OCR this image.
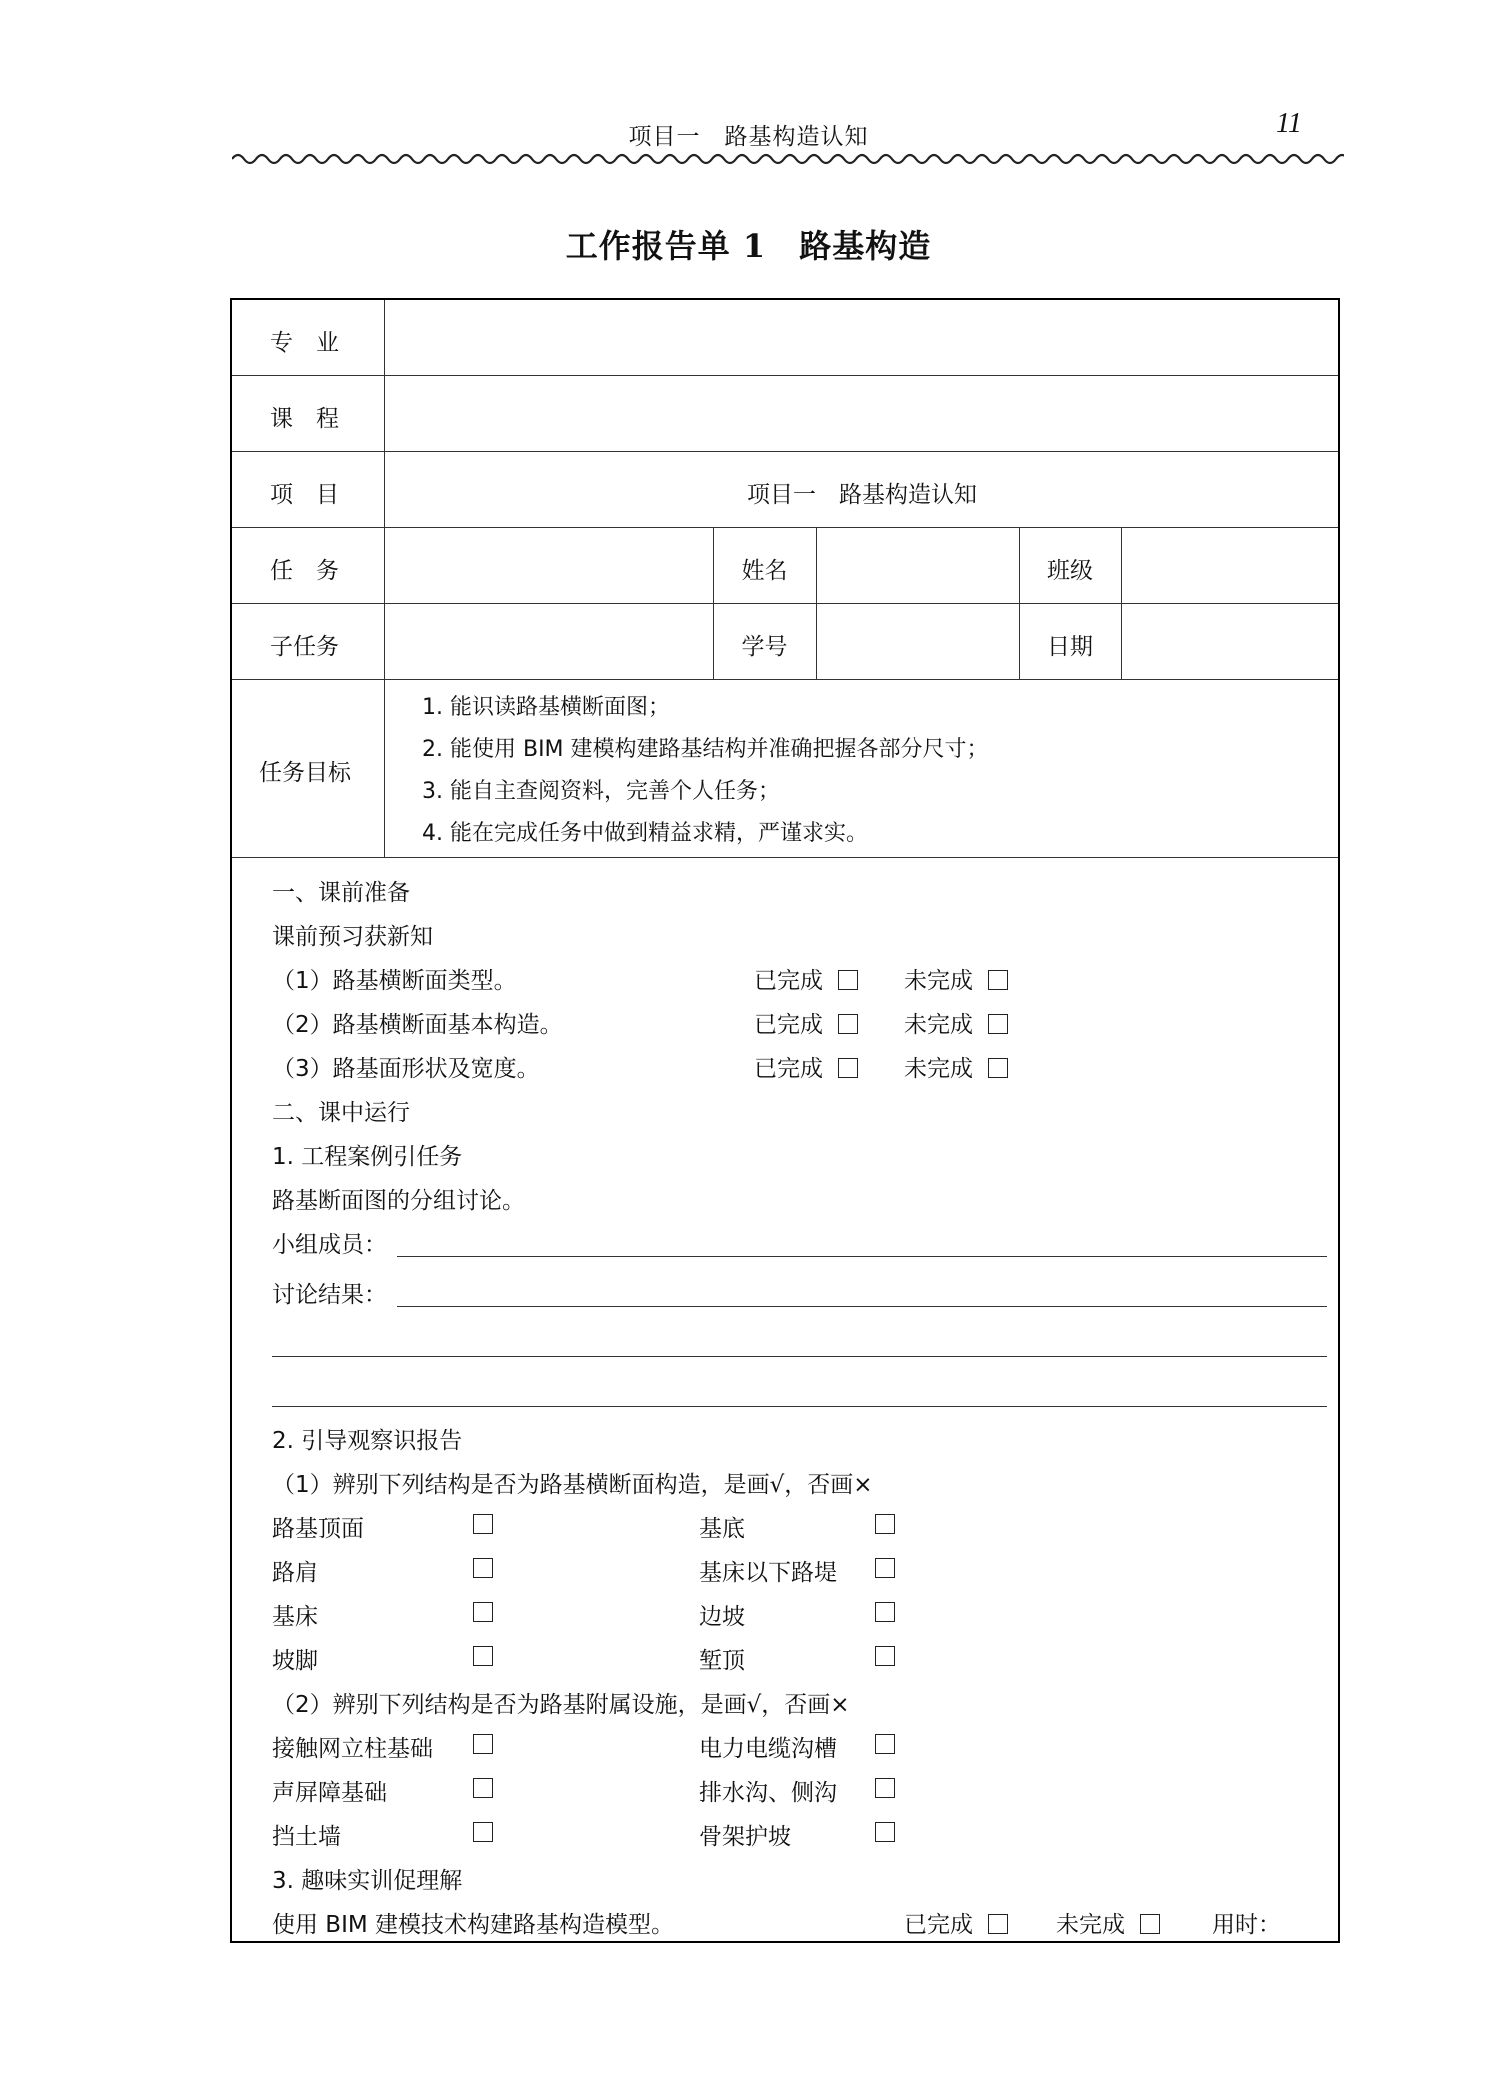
项目一　路基构造认知	11
工作报告单 1　路基构造
专　业
课　程
项　目	项目一　路基构造认知
任　务	姓名	班级
子任务	学号	日期
任务目标
1. 能识读路基横断面图；
2. 能使用 BIM 建模构建路基结构并准确把握各部分尺寸；
3. 能自主查阅资料，完善个人任务；
4. 能在完成任务中做到精益求精，严谨求实。
一、课前准备
课前预习获新知
（1）路基横断面类型。	已完成	未完成
（2）路基横断面基本构造。	已完成	未完成
（3）路基面形状及宽度。	已完成	未完成
二、课中运行
1. 工程案例引任务
路基断面图的分组讨论。
小组成员：
讨论结果：
2. 引导观察识报告
（1）辨别下列结构是否为路基横断面构造，是画√，否画×
路基顶面	基底
路肩	基床以下路堤
基床	边坡
坡脚	堑顶
（2）辨别下列结构是否为路基附属设施，是画√，否画×
接触网立柱基础	电力电缆沟槽
声屏障基础	排水沟、侧沟
挡土墙	骨架护坡
3. 趣味实训促理解
使用 BIM 建模技术构建路基构造模型。	已完成	未完成	用时：
